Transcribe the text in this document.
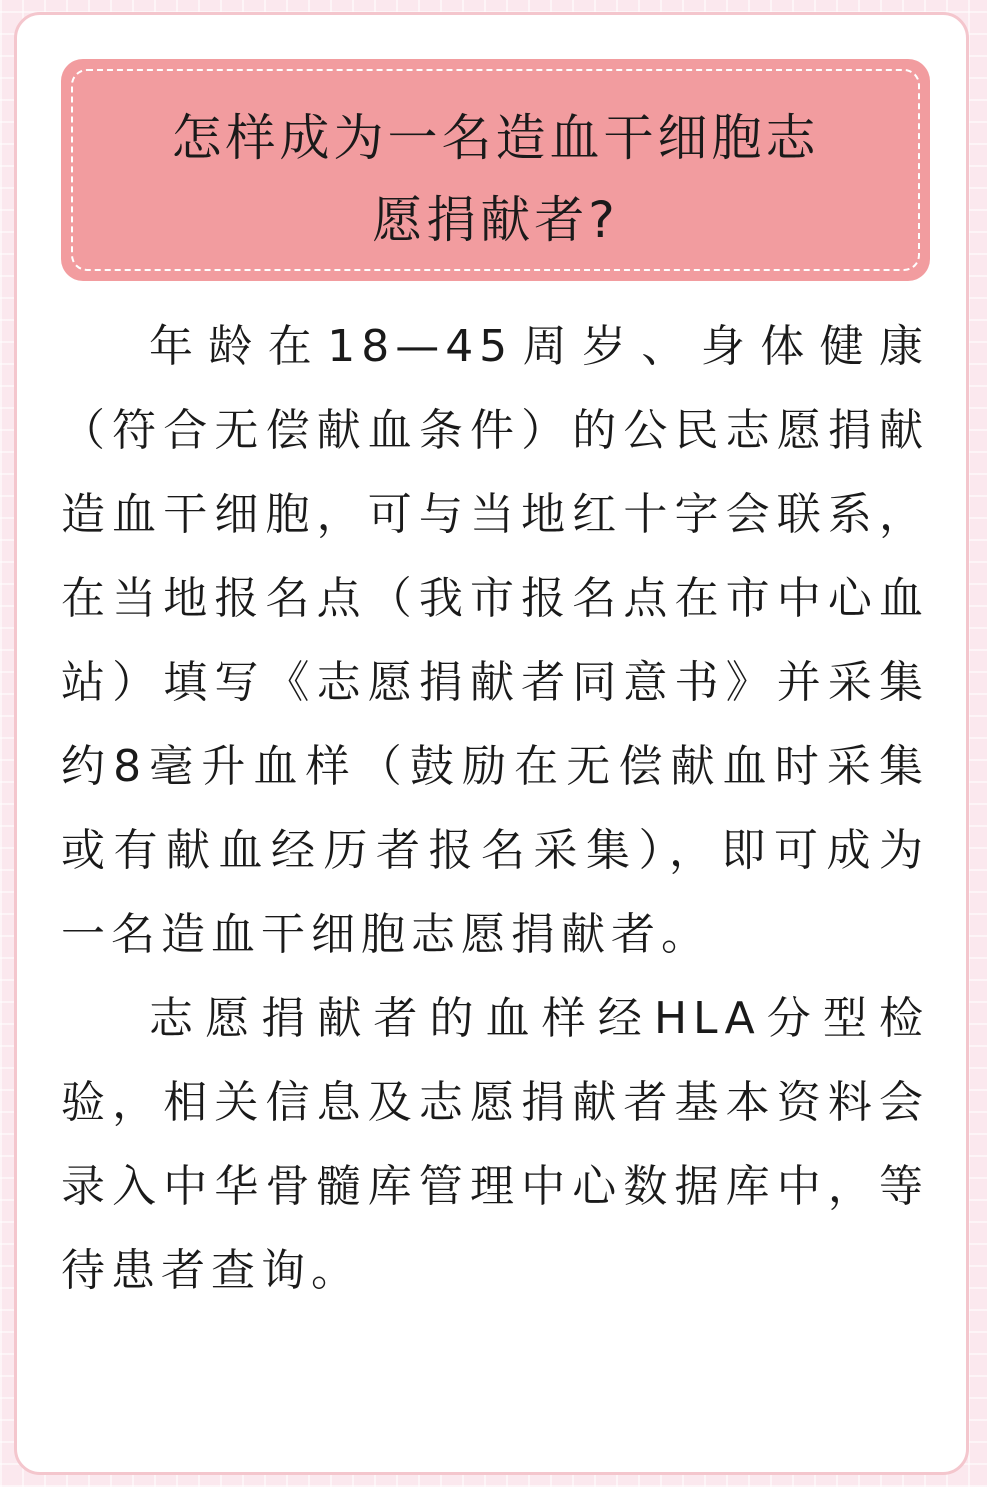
怎样成为一名造血干细胞志
愿捐献者?

年龄在18—45周岁、身体健康（符合无偿献血条件）的公民志愿捐献造血干细胞，可与当地红十字会联系，在当地报名点（我市报名点在市中心血站）填写《志愿捐献者同意书》并采集约8毫升血样（鼓励在无偿献血时采集或有献血经历者报名采集），即可成为一名造血干细胞志愿捐献者。

志愿捐献者的血样经HLA分型检验，相关信息及志愿捐献者基本资料会录入中华骨髓库管理中心数据库中，等待患者查询。
